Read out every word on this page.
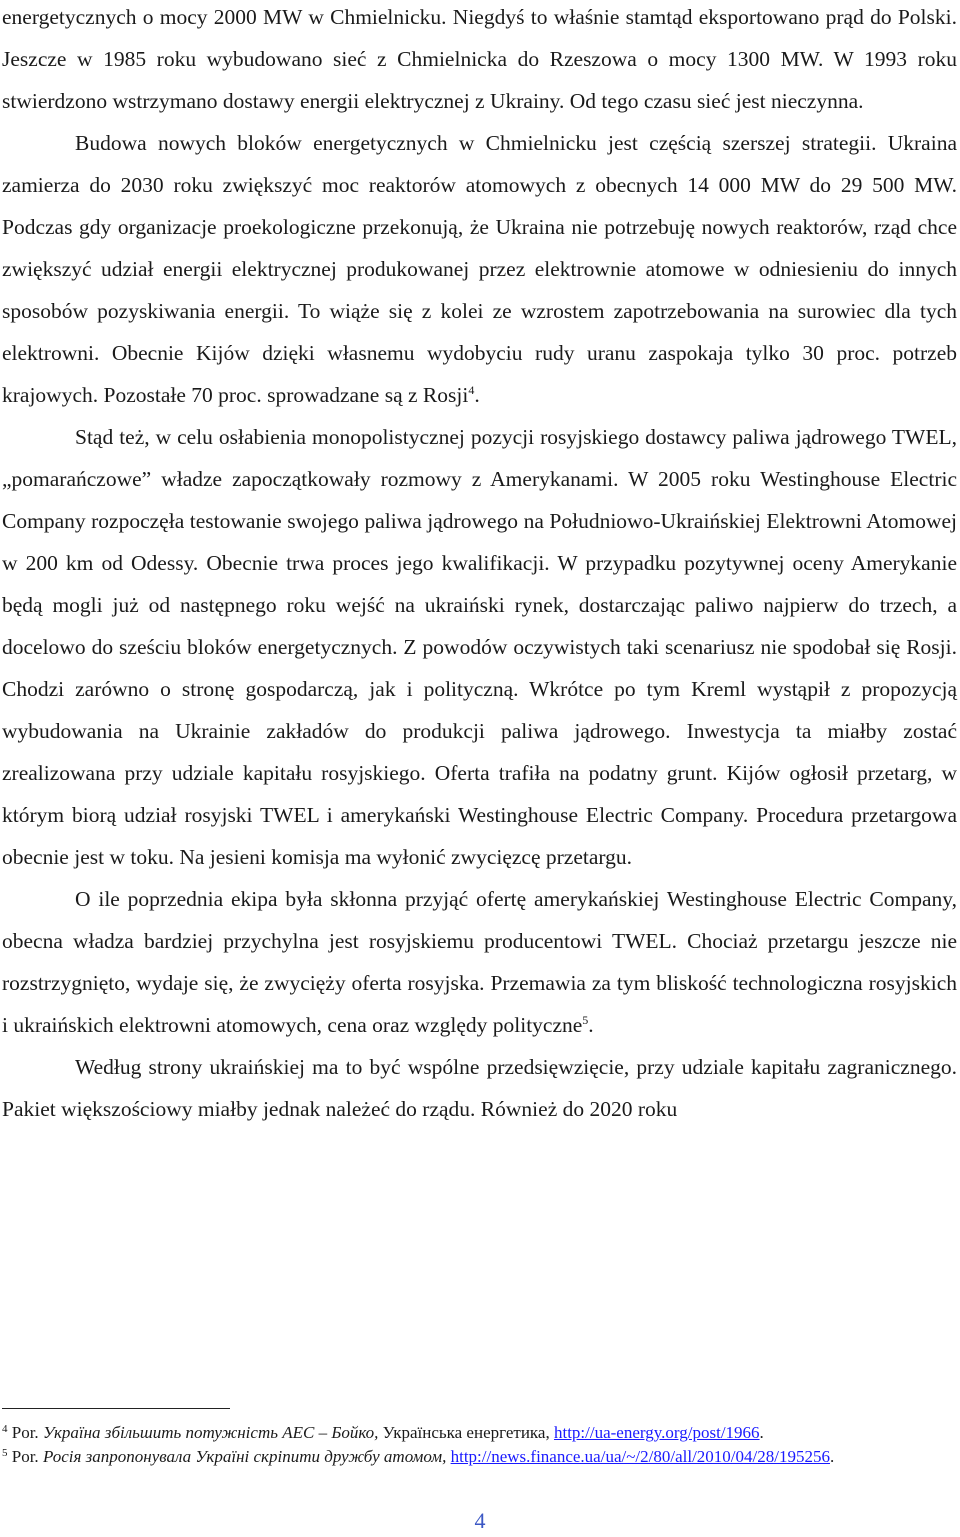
energetycznych o mocy 2000 MW w Chmielnicku. Niegdyś to właśnie stamtąd eksportowano prąd do Polski. Jeszcze w 1985 roku wybudowano sieć z Chmielnicka do Rzeszowa o mocy 1300 MW. W 1993 roku stwierdzono wstrzymano dostawy energii elektrycznej z Ukrainy. Od tego czasu sieć jest nieczynna.

Budowa nowych bloków energetycznych w Chmielnicku jest częścią szerszej strategii. Ukraina zamierza do 2030 roku zwiększyć moc reaktorów atomowych z obecnych 14 000 MW do 29 500 MW. Podczas gdy organizacje proekologiczne przekonują, że Ukraina nie potrzebuję nowych reaktorów, rząd chce zwiększyć udział energii elektrycznej produkowanej przez elektrownie atomowe w odniesieniu do innych sposobów pozyskiwania energii. To wiąże się z kolei ze wzrostem zapotrzebowania na surowiec dla tych elektrowni. Obecnie Kijów dzięki własnemu wydobyciu rudy uranu zaspokaja tylko 30 proc. potrzeb krajowych. Pozostałe 70 proc. sprowadzane są z Rosji$^4$.

Stąd też, w celu osłabienia monopolistycznej pozycji rosyjskiego dostawcy paliwa jądrowego TWEL, „pomarańczowe” władze zapoczątkowały rozmowy z Amerykanami. W 2005 roku Westinghouse Electric Company rozpoczęła testowanie swojego paliwa jądrowego na Południowo-Ukraińskiej Elektrowni Atomowej w 200 km od Odessy. Obecnie trwa proces jego kwalifikacji. W przypadku pozytywnej oceny Amerykanie będą mogli już od następnego roku wejść na ukraiński rynek, dostarczając paliwo najpierw do trzech, a docelowo do sześciu bloków energetycznych. Z powodów oczywistych taki scenariusz nie spodobał się Rosji. Chodzi zarówno o stronę gospodarczą, jak i polityczną. Wkrótce po tym Kreml wystąpił z propozycją wybudowania na Ukrainie zakładów do produkcji paliwa jądrowego. Inwestycja ta miałby zostać zrealizowana przy udziale kapitału rosyjskiego. Oferta trafiła na podatny grunt. Kijów ogłosił przetarg, w którym biorą udział rosyjski TWEL i amerykański Westinghouse Electric Company. Procedura przetargowa obecnie jest w toku. Na jesieni komisja ma wyłonić zwycięzcę przetargu.

O ile poprzednia ekipa była skłonna przyjąć ofertę amerykańskiej Westinghouse Electric Company, obecna władza bardziej przychylna jest rosyjskiemu producentowi TWEL. Chociaż przetargu jeszcze nie rozstrzygnięto, wydaje się, że zwycięży oferta rosyjska. Przemawia za tym bliskość technologiczna rosyjskich i ukraińskich elektrowni atomowych, cena oraz względy polityczne$^5$.

Według strony ukraińskiej ma to być wspólne przedsięwzięcie, przy udziale kapitału zagranicznego. Pakiet większościowy miałby jednak należeć do rządu. Również do 2020 roku

$^4$ Por. Україна збільшить потужність АЕС – Бойко, Українська енергетика, http://ua-energy.org/post/1966.

$^5$ Por. Росія запропонувала Україні скріпити дружбу атомом, http://news.finance.ua/ua/~/2/80/all/2010/04/28/195256.

4
